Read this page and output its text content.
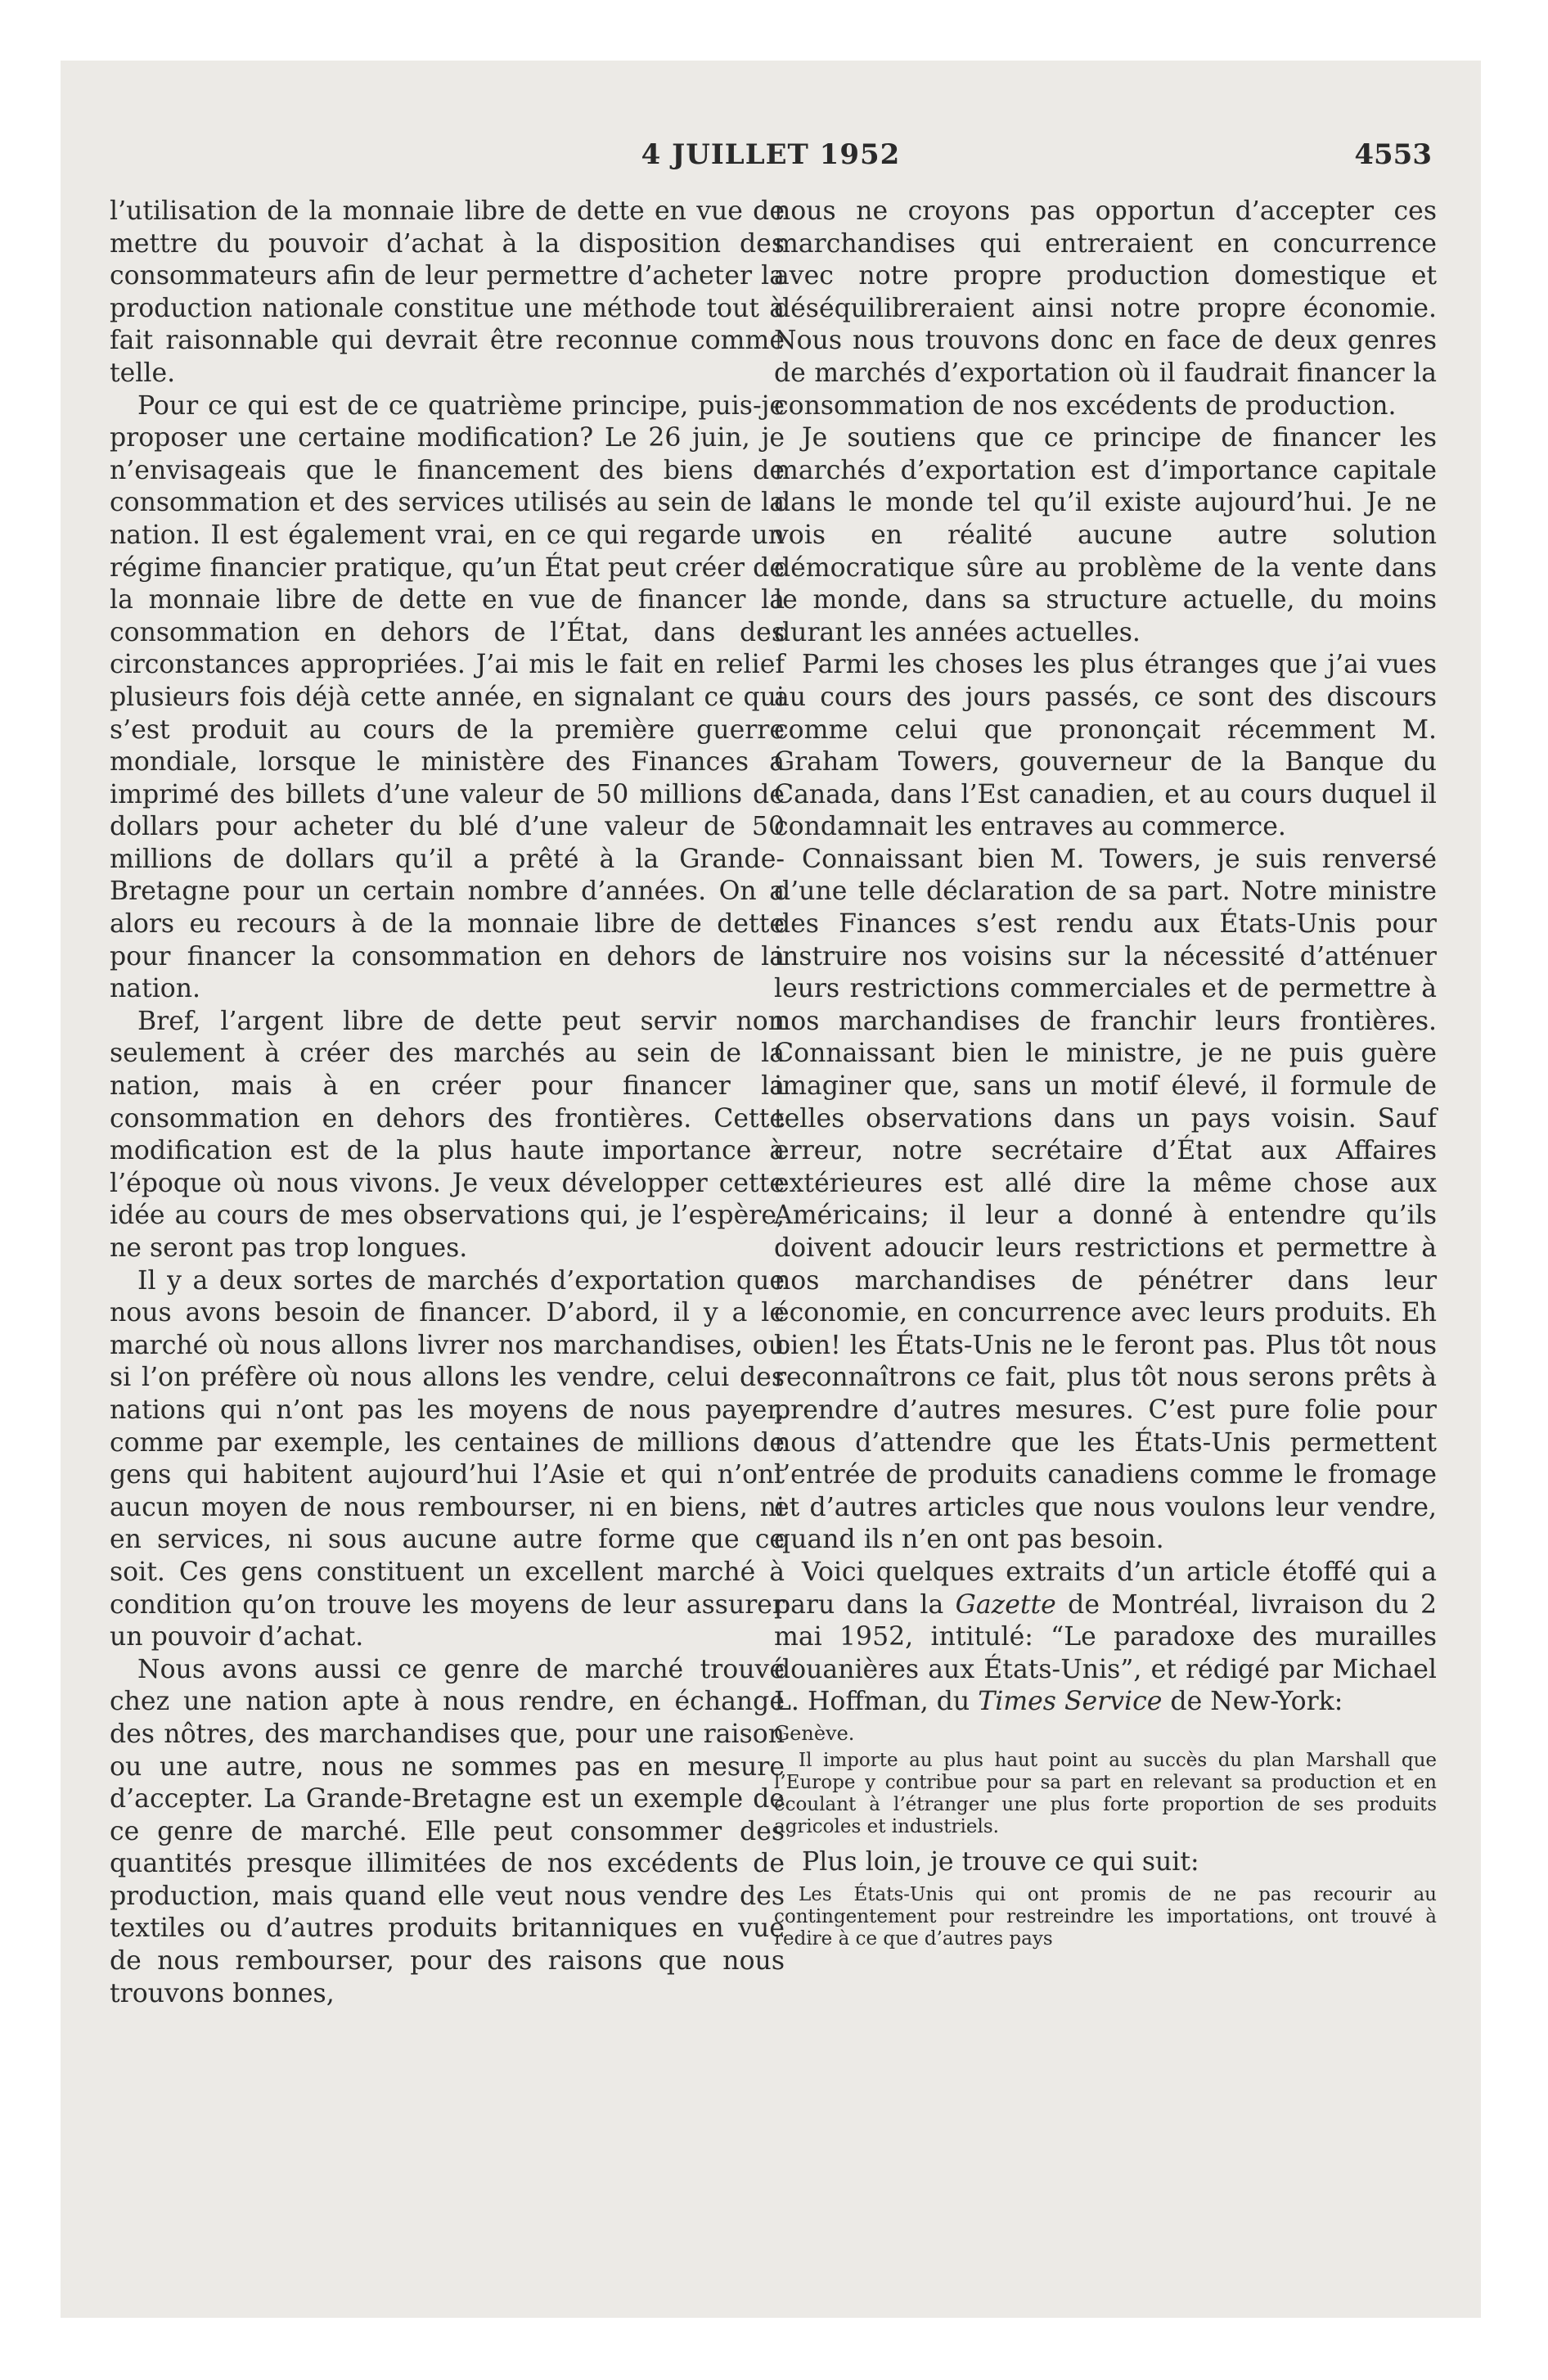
4 JUILLET 1952	4553

l’utilisation de la monnaie libre de dette en vue de mettre du pouvoir d’achat à la disposition des consommateurs afin de leur permettre d’acheter la production nationale constitue une méthode tout à fait raisonnable qui devrait être reconnue comme telle.

Pour ce qui est de ce quatrième principe, puis-je proposer une certaine modification? Le 26 juin, je n’envisageais que le financement des biens de consommation et des services utilisés au sein de la nation. Il est également vrai, en ce qui regarde un régime financier pratique, qu’un État peut créer de la monnaie libre de dette en vue de financer la consommation en dehors de l’État, dans des circonstances appropriées. J’ai mis le fait en relief plusieurs fois déjà cette année, en signalant ce qui s’est produit au cours de la première guerre mondiale, lorsque le ministère des Finances a imprimé des billets d’une valeur de 50 millions de dollars pour acheter du blé d’une valeur de 50 millions de dollars qu’il a prêté à la Grande-Bretagne pour un certain nombre d’années. On a alors eu recours à de la monnaie libre de dette pour financer la consommation en dehors de la nation.

Bref, l’argent libre de dette peut servir non seulement à créer des marchés au sein de la nation, mais à en créer pour financer la consommation en dehors des frontières. Cette modification est de la plus haute importance à l’époque où nous vivons. Je veux développer cette idée au cours de mes observations qui, je l’espère, ne seront pas trop longues.

Il y a deux sortes de marchés d’exportation que nous avons besoin de financer. D’abord, il y a le marché où nous allons livrer nos marchandises, ou si l’on préfère où nous allons les vendre, celui des nations qui n’ont pas les moyens de nous payer, comme par exemple, les centaines de millions de gens qui habitent aujourd’hui l’Asie et qui n’ont aucun moyen de nous rembourser, ni en biens, ni en services, ni sous aucune autre forme que ce soit. Ces gens constituent un excellent marché à condition qu’on trouve les moyens de leur assurer un pouvoir d’achat.

Nous avons aussi ce genre de marché trouvé chez une nation apte à nous rendre, en échange des nôtres, des marchandises que, pour une raison ou une autre, nous ne sommes pas en mesure d’accepter. La Grande-Bretagne est un exemple de ce genre de marché. Elle peut consommer des quantités presque illimitées de nos excédents de production, mais quand elle veut nous vendre des textiles ou d’autres produits britanniques en vue de nous rembourser, pour des raisons que nous trouvons bonnes,

nous ne croyons pas opportun d’accepter ces marchandises qui entreraient en concurrence avec notre propre production domestique et déséquilibreraient ainsi notre propre économie. Nous nous trouvons donc en face de deux genres de marchés d’exportation où il faudrait financer la consommation de nos excédents de production.

Je soutiens que ce principe de financer les marchés d’exportation est d’importance capitale dans le monde tel qu’il existe aujourd’hui. Je ne vois en réalité aucune autre solution démocratique sûre au problème de la vente dans le monde, dans sa structure actuelle, du moins durant les années actuelles.

Parmi les choses les plus étranges que j’ai vues au cours des jours passés, ce sont des discours comme celui que prononçait récemment M. Graham Towers, gouverneur de la Banque du Canada, dans l’Est canadien, et au cours duquel il condamnait les entraves au commerce.

Connaissant bien M. Towers, je suis renversé d’une telle déclaration de sa part. Notre ministre des Finances s’est rendu aux États-Unis pour instruire nos voisins sur la nécessité d’atténuer leurs restrictions commerciales et de permettre à nos marchandises de franchir leurs frontières. Connaissant bien le ministre, je ne puis guère imaginer que, sans un motif élevé, il formule de telles observations dans un pays voisin. Sauf erreur, notre secrétaire d’État aux Affaires extérieures est allé dire la même chose aux Américains; il leur a donné à entendre qu’ils doivent adoucir leurs restrictions et permettre à nos marchandises de pénétrer dans leur économie, en concurrence avec leurs produits. Eh bien! les États-Unis ne le feront pas. Plus tôt nous reconnaîtrons ce fait, plus tôt nous serons prêts à prendre d’autres mesures. C’est pure folie pour nous d’attendre que les États-Unis permettent l’entrée de produits canadiens comme le fromage et d’autres articles que nous voulons leur vendre, quand ils n’en ont pas besoin.

Voici quelques extraits d’un article étoffé qui a paru dans la Gazette de Montréal, livraison du 2 mai 1952, intitulé: “Le paradoxe des murailles douanières aux États-Unis”, et rédigé par Michael L. Hoffman, du Times Service de New-York:

Genève.

Il importe au plus haut point au succès du plan Marshall que l’Europe y contribue pour sa part en relevant sa production et en écoulant à l’étranger une plus forte proportion de ses produits agricoles et industriels.

Plus loin, je trouve ce qui suit:

Les États-Unis qui ont promis de ne pas recourir au contingentement pour restreindre les importations, ont trouvé à redire à ce que d’autres pays
